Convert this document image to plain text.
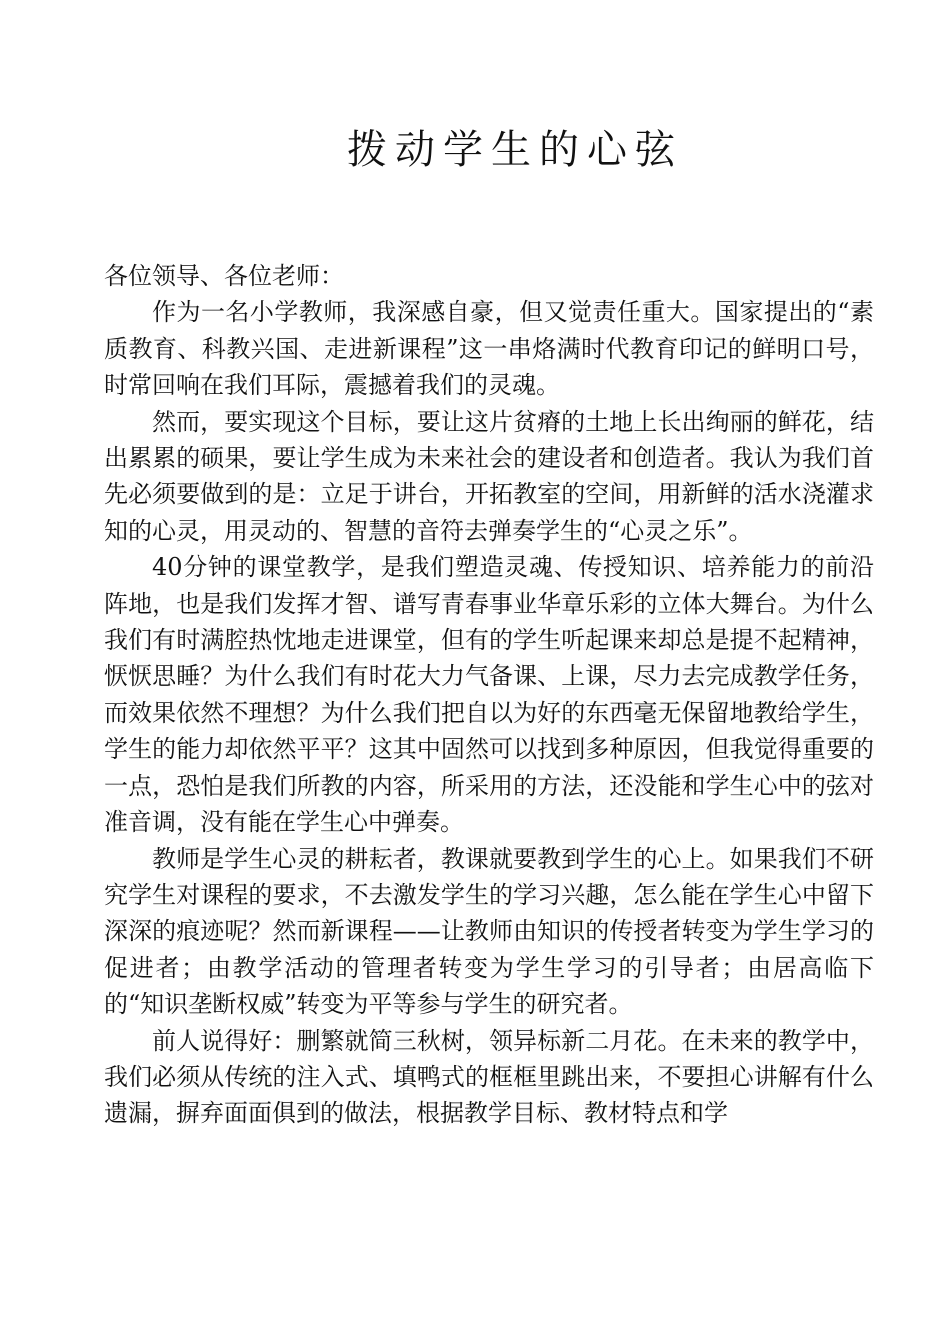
拨动学生的心弦

各位领导、各位老师：

作为一名小学教师，我深感自豪，但又觉责任重大。国家提出的“素质教育、科教兴国、走进新课程”这一串烙满时代教育印记的鲜明口号，时常回响在我们耳际，震撼着我们的灵魂。

然而，要实现这个目标，要让这片贫瘠的土地上长出绚丽的鲜花，结出累累的硕果，要让学生成为未来社会的建设者和创造者。我认为我们首先必须要做到的是：立足于讲台，开拓教室的空间，用新鲜的活水浇灌求知的心灵，用灵动的、智慧的音符去弹奏学生的“心灵之乐”。

40分钟的课堂教学，是我们塑造灵魂、传授知识、培养能力的前沿阵地，也是我们发挥才智、谱写青春事业华章乐彩的立体大舞台。为什么我们有时满腔热忱地走进课堂，但有的学生听起课来却总是提不起精神，恹恹思睡？为什么我们有时花大力气备课、上课，尽力去完成教学任务，而效果依然不理想？为什么我们把自以为好的东西毫无保留地教给学生，学生的能力却依然平平？这其中固然可以找到多种原因，但我觉得重要的一点，恐怕是我们所教的内容，所采用的方法，还没能和学生心中的弦对准音调，没有能在学生心中弹奏。

教师是学生心灵的耕耘者，教课就要教到学生的心上。如果我们不研究学生对课程的要求，不去激发学生的学习兴趣，怎么能在学生心中留下深深的痕迹呢？然而新课程——让教师由知识的传授者转变为学生学习的促进者；由教学活动的管理者转变为学生学习的引导者；由居高临下的“知识垄断权威”转变为平等参与学生的研究者。

前人说得好：删繁就简三秋树，领异标新二月花。在未来的教学中，我们必须从传统的注入式、填鸭式的框框里跳出来，不要担心讲解有什么遗漏，摒弃面面俱到的做法，根据教学目标、教材特点和学
